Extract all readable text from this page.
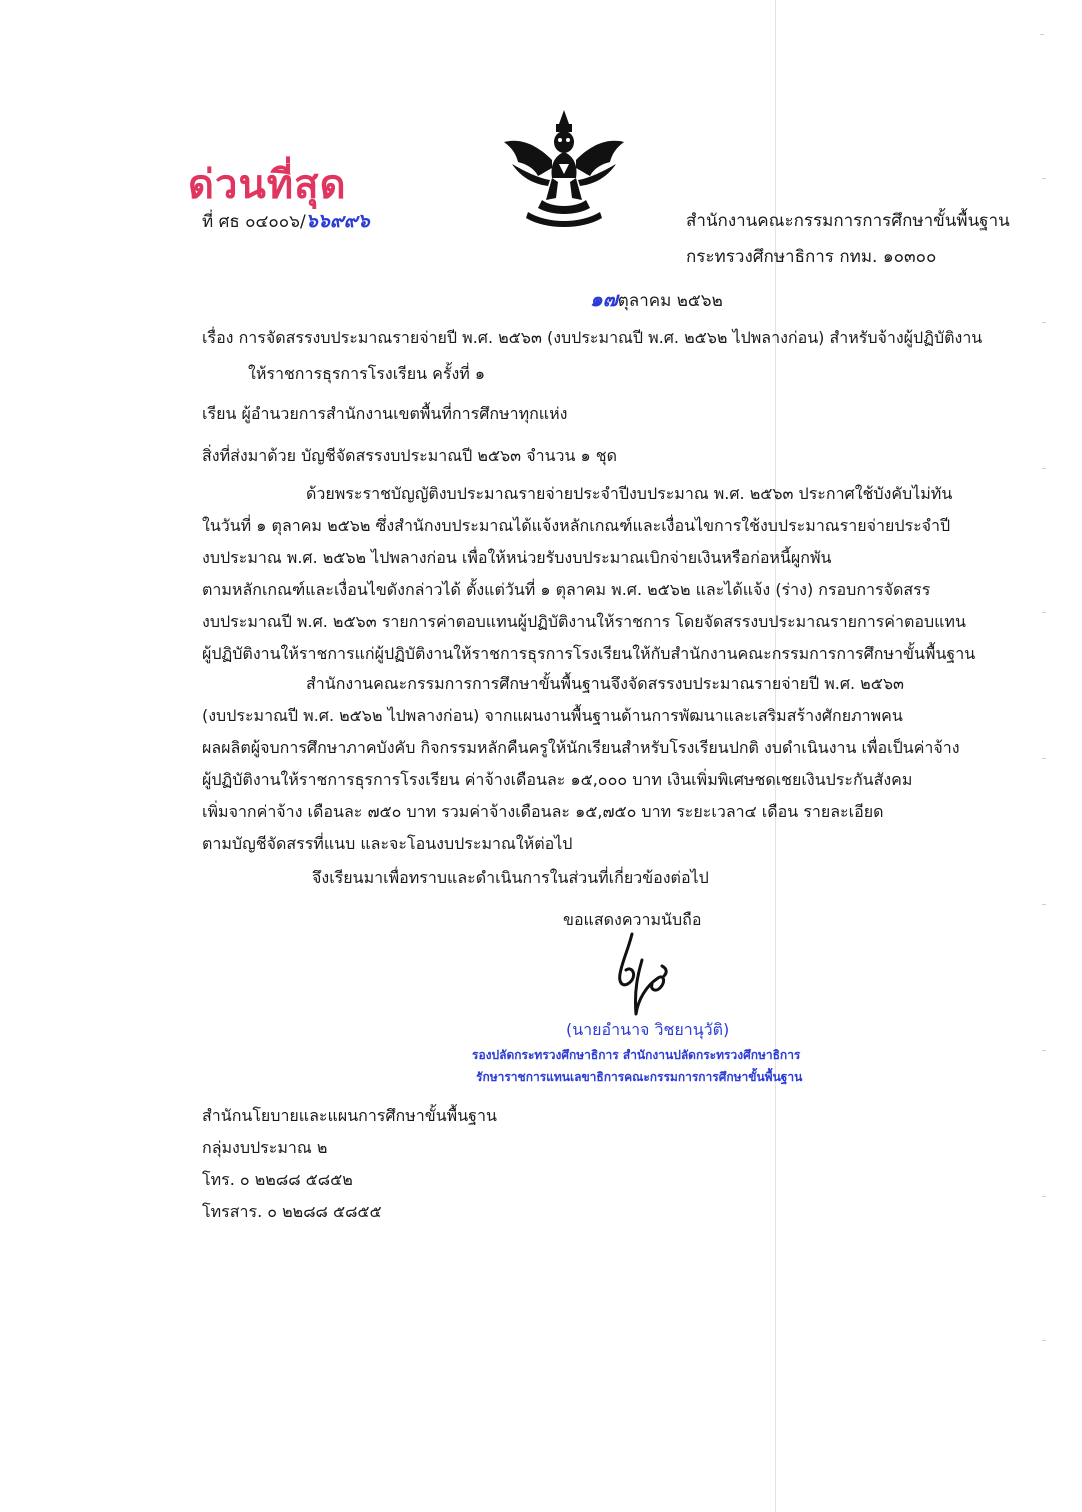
ด่วนที่สุด
ที่ ศธ ๐๔๐๐๖/๖๖๙๙๖	สำนักงานคณะกรรมการการศึกษาขั้นพื้นฐาน
กระทรวงศึกษาธิการ กทม. ๑๐๓๐๐
๑๗ตุลาคม ๒๕๖๒
เรื่อง การจัดสรรงบประมาณรายจ่ายปี พ.ศ. ๒๕๖๓ (งบประมาณปี พ.ศ. ๒๕๖๒ ไปพลางก่อน) สำหรับจ้างผู้ปฏิบัติงาน
ให้ราชการธุรการโรงเรียน ครั้งที่ ๑
เรียน ผู้อำนวยการสำนักงานเขตพื้นที่การศึกษาทุกแห่ง
สิ่งที่ส่งมาด้วย บัญชีจัดสรรงบประมาณปี ๒๕๖๓ จำนวน ๑ ชุด
ด้วยพระราชบัญญัติงบประมาณรายจ่ายประจำปีงบประมาณ พ.ศ. ๒๕๖๓ ประกาศใช้บังคับไม่ทัน
ในวันที่ ๑ ตุลาคม ๒๕๖๒ ซึ่งสำนักงบประมาณได้แจ้งหลักเกณฑ์และเงื่อนไขการใช้งบประมาณรายจ่ายประจำปี
งบประมาณ พ.ศ. ๒๕๖๒ ไปพลางก่อน เพื่อให้หน่วยรับงบประมาณเบิกจ่ายเงินหรือก่อหนี้ผูกพัน
ตามหลักเกณฑ์และเงื่อนไขดังกล่าวได้ ตั้งแต่วันที่ ๑ ตุลาคม พ.ศ. ๒๕๖๒ และได้แจ้ง (ร่าง) กรอบการจัดสรร
งบประมาณปี พ.ศ. ๒๕๖๓ รายการค่าตอบแทนผู้ปฏิบัติงานให้ราชการ โดยจัดสรรงบประมาณรายการค่าตอบแทน
ผู้ปฏิบัติงานให้ราชการแก่ผู้ปฏิบัติงานให้ราชการธุรการโรงเรียนให้กับสำนักงานคณะกรรมการการศึกษาขั้นพื้นฐาน
สำนักงานคณะกรรมการการศึกษาขั้นพื้นฐานจึงจัดสรรงบประมาณรายจ่ายปี พ.ศ. ๒๕๖๓
(งบประมาณปี พ.ศ. ๒๕๖๒ ไปพลางก่อน) จากแผนงานพื้นฐานด้านการพัฒนาและเสริมสร้างศักยภาพคน
ผลผลิตผู้จบการศึกษาภาคบังคับ กิจกรรมหลักคืนครูให้นักเรียนสำหรับโรงเรียนปกติ งบดำเนินงาน เพื่อเป็นค่าจ้าง
ผู้ปฏิบัติงานให้ราชการธุรการโรงเรียน ค่าจ้างเดือนละ ๑๕,๐๐๐ บาท เงินเพิ่มพิเศษชดเชยเงินประกันสังคม
เพิ่มจากค่าจ้าง เดือนละ ๗๕๐ บาท รวมค่าจ้างเดือนละ ๑๕,๗๕๐ บาท ระยะเวลา๔ เดือน รายละเอียด
ตามบัญชีจัดสรรที่แนบ และจะโอนงบประมาณให้ต่อไป
จึงเรียนมาเพื่อทราบและดำเนินการในส่วนที่เกี่ยวข้องต่อไป
ขอแสดงความนับถือ
(นายอำนาจ วิชยานุวัติ)
รองปลัดกระทรวงศึกษาธิการ สำนักงานปลัดกระทรวงศึกษาธิการ
รักษาราชการแทนเลขาธิการคณะกรรมการการศึกษาขั้นพื้นฐาน
สำนักนโยบายและแผนการศึกษาขั้นพื้นฐาน
กลุ่มงบประมาณ ๒
โทร. ๐ ๒๒๘๘ ๕๘๕๒
โทรสาร. ๐ ๒๒๘๘ ๕๘๕๕
